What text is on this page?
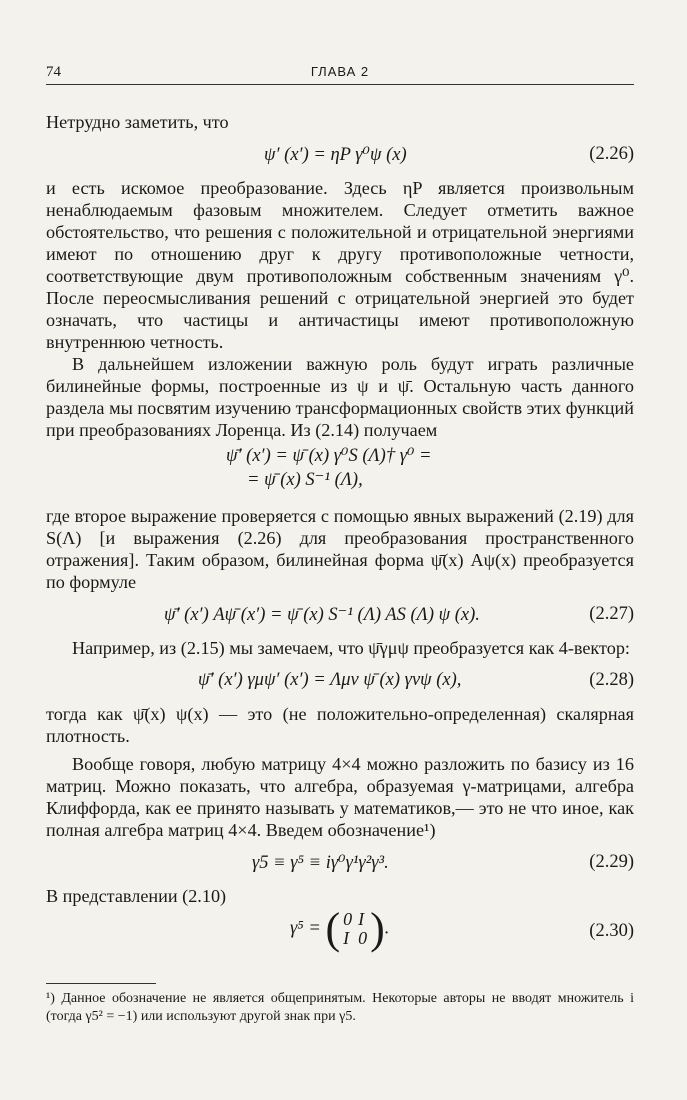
74	ГЛАВА 2

Нетрудно заметить, что

ψ′ (x′) = ηP γ⁰ψ (x)	(2.26)

и есть искомое преобразование. Здесь ηP является произвольным ненаблюдаемым фазовым множителем. Следует отметить важное обстоятельство, что решения с положительной и отрицательной энергиями имеют по отношению друг к другу противоположные четности, соответствующие двум противоположным собственным значениям γ⁰. После переосмысливания решений с отрицательной энергией это будет означать, что частицы и античастицы имеют противоположную внутреннюю четность.

В дальнейшем изложении важную роль будут играть различные билинейные формы, построенные из ψ и ψ̄. Остальную часть данного раздела мы посвятим изучению трансформационных свойств этих функций при преобразованиях Лоренца. Из (2.14) получаем

ψ̄′ (x′) = ψ̄ (x) γ⁰S (Λ)† γ⁰ =
= ψ̄ (x) S⁻¹ (Λ),

где второе выражение проверяется с помощью явных выражений (2.19) для S(Λ) [и выражения (2.26) для преобразования пространственного отражения]. Таким образом, билинейная форма ψ̄(x) Aψ(x) преобразуется по формуле

ψ̄′ (x′) Aψ̄ (x′) = ψ̄ (x) S⁻¹ (Λ) AS (Λ) ψ (x).	(2.27)

Например, из (2.15) мы замечаем, что ψ̄γμψ преобразуется как 4-вектор:

ψ̄′ (x′) γμψ′ (x′) = Λμν ψ̄ (x) γνψ (x),	(2.28)

тогда как ψ̄(x) ψ(x) — это (не положительно-определенная) скалярная плотность.

Вообще говоря, любую матрицу 4×4 можно разложить по базису из 16 матриц. Можно показать, что алгебра, образуемая γ-матрицами, алгебра Клиффорда, как ее принято называть у математиков,— это не что иное, как полная алгебра матриц 4×4. Введем обозначение¹)

γ5 ≡ γ⁵ ≡ iγ⁰γ¹γ²γ³.	(2.29)

В представлении (2.10)

γ⁵ = ( 0	I
I	0 ).	(2.30)

¹) Данное обозначение не является общепринятым. Некоторые авторы не вводят множитель i (тогда γ5² = −1) или используют другой знак при γ5.
